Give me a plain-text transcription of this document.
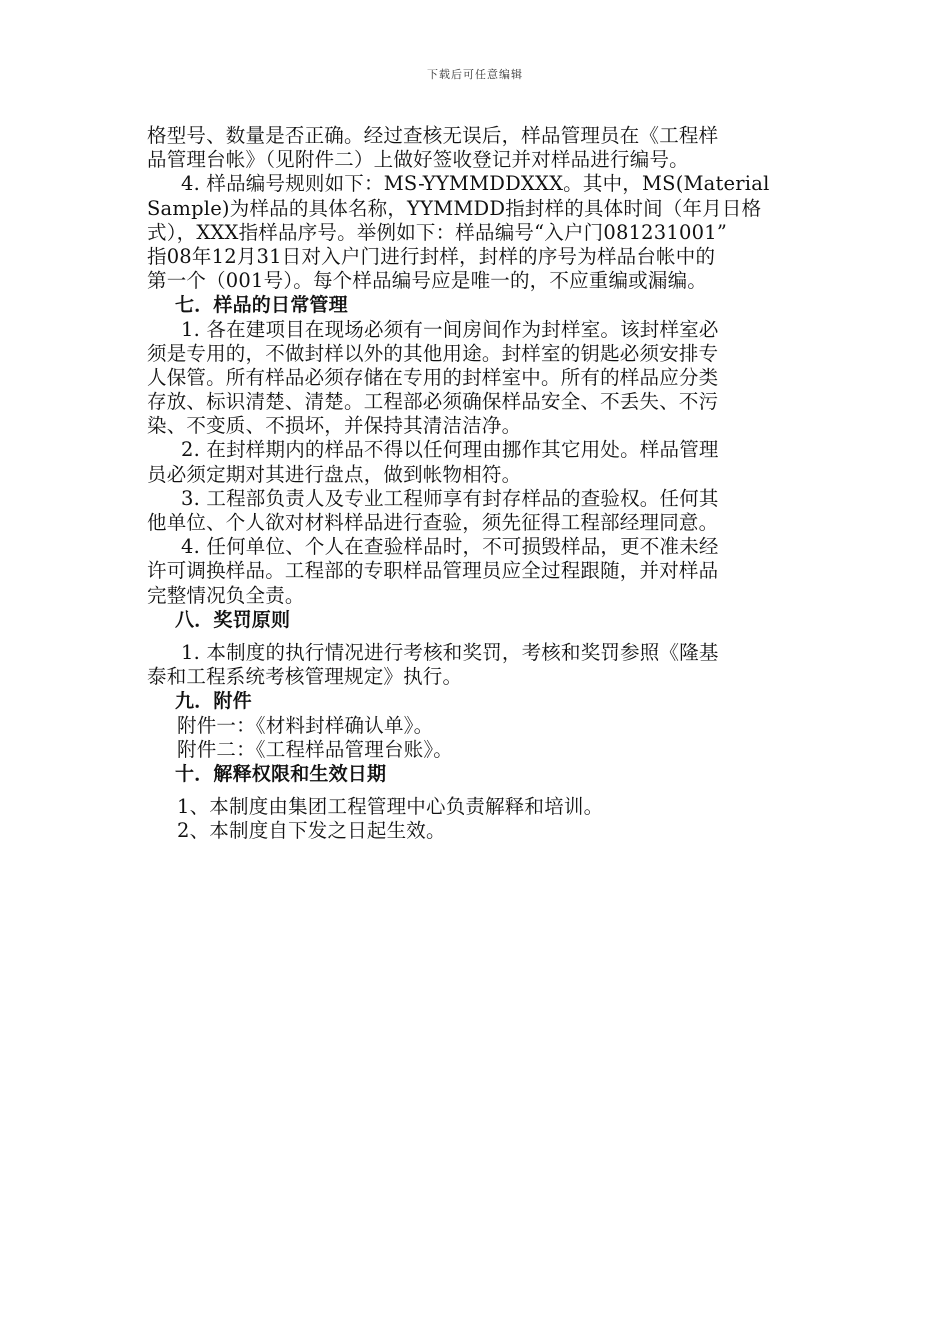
下载后可任意编辑
格型号、数量是否正确。经过查核无误后，样品管理员在《工程样
品管理台帐》（见附件二）上做好签收登记并对样品进行编号。
4. 样品编号规则如下：MS-YYMMDDXXX。其中，MS(Material
Sample)为样品的具体名称，YYMMDD指封样的具体时间（年月日格
式），XXX指样品序号。举例如下：样品编号“入户门081231001”
指08年12月31日对入户门进行封样，封样的序号为样品台帐中的
第一个（001号）。每个样品编号应是唯一的，不应重编或漏编。
七．样品的日常管理
1. 各在建项目在现场必须有一间房间作为封样室。该封样室必
须是专用的，不做封样以外的其他用途。封样室的钥匙必须安排专
人保管。所有样品必须存储在专用的封样室中。所有的样品应分类
存放、标识清楚、清楚。工程部必须确保样品安全、不丢失、不污
染、不变质、不损坏，并保持其清洁洁净。
2. 在封样期内的样品不得以任何理由挪作其它用处。样品管理
员必须定期对其进行盘点，做到帐物相符。
3. 工程部负责人及专业工程师享有封存样品的查验权。任何其
他单位、个人欲对材料样品进行查验，须先征得工程部经理同意。
4. 任何单位、个人在查验样品时，不可损毁样品，更不准未经
许可调换样品。工程部的专职样品管理员应全过程跟随，并对样品
完整情况负全责。
八．奖罚原则
1. 本制度的执行情况进行考核和奖罚，考核和奖罚参照《隆基
泰和工程系统考核管理规定》执行。
九．附件
附件一：《材料封样确认单》。
附件二：《工程样品管理台账》。
十．解释权限和生效日期
1、本制度由集团工程管理中心负责解释和培训。
2、本制度自下发之日起生效。
